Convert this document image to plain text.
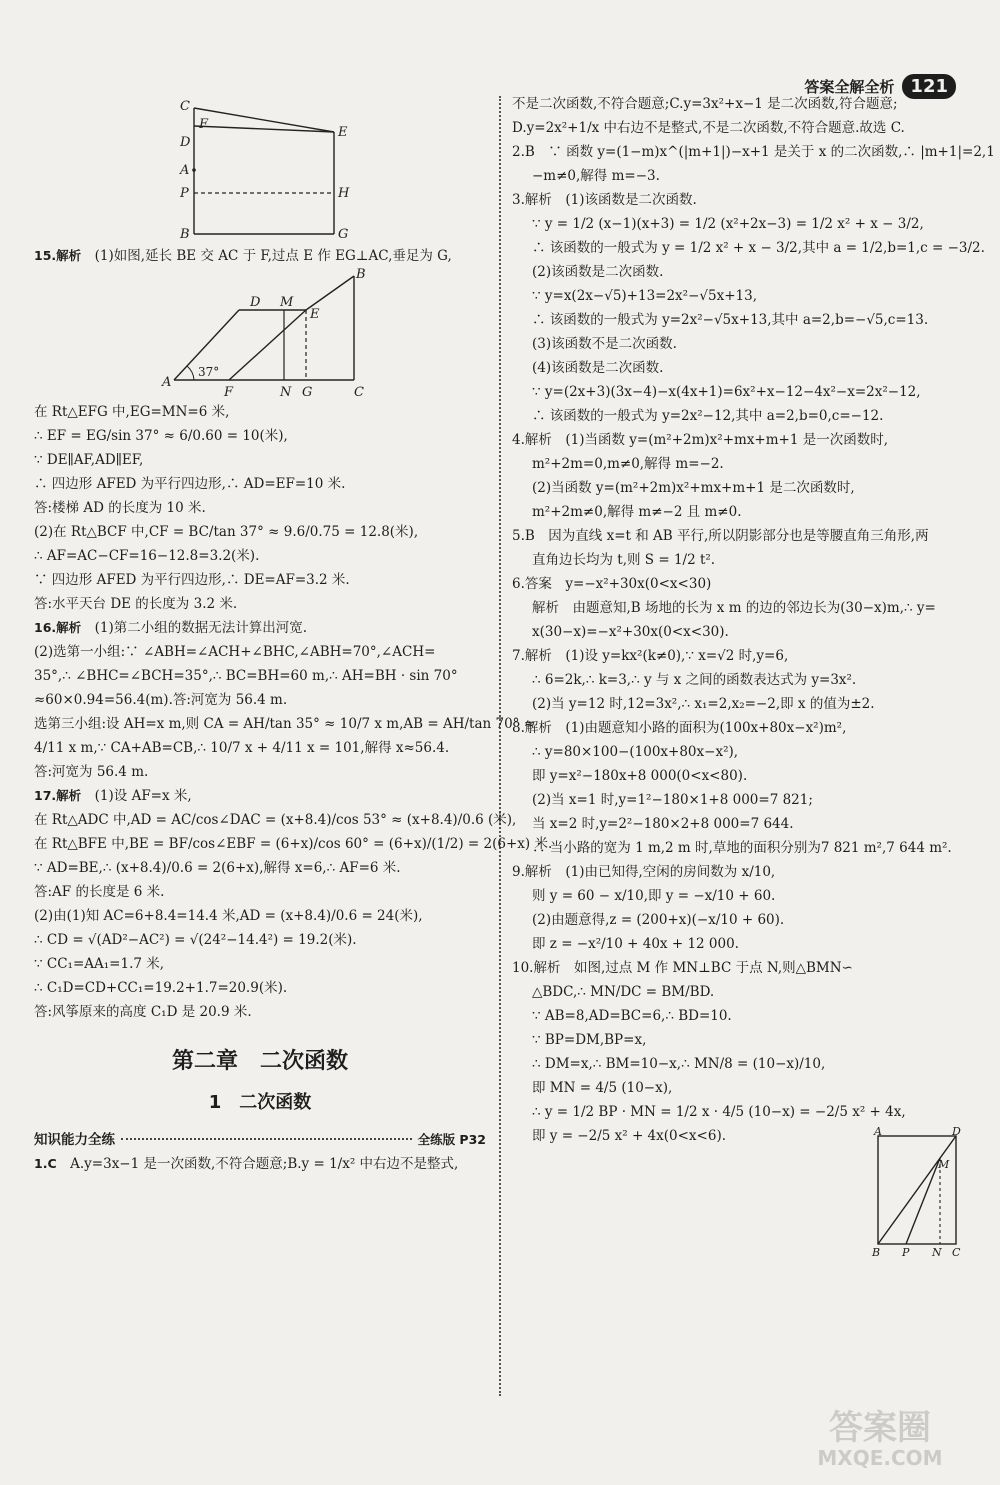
答案全解全析 121
C
F
E
D
A
P	H
B	G
15.解析　 (1)如图,延长 BE 交 AC 于 F,过点 E 作 EG⊥AC,垂足为 G,
B
D M
E
A
37°
F	N G	C
在 Rt△EFG 中,EG=MN=6 米,
∴ EF = EG/sin 37° ≈ 6/0.60 = 10(米),
∵ DE∥AF,AD∥EF,
∴ 四边形 AFED 为平行四边形,∴ AD=EF=10 米.
答:楼梯 AD 的长度为 10 米.
(2)在 Rt△BCF 中,CF = BC/tan 37° ≈ 9.6/0.75 = 12.8(米),
∴ AF=AC−CF=16−12.8=3.2(米).
∵ 四边形 AFED 为平行四边形,∴ DE=AF=3.2 米.
答:水平天台 DE 的长度为 3.2 米.
16.解析　 (1)第二小组的数据无法计算出河宽.
(2)选第一小组:∵ ∠ABH=∠ACH+∠BHC,∠ABH=70°,∠ACH=
35°,∴ ∠BHC=∠BCH=35°,∴ BC=BH=60 m,∴ AH=BH · sin 70°
≈60×0.94=56.4(m).答:河宽为 56.4 m.
选第三小组:设 AH=x m,则 CA = AH/tan 35° ≈ 10/7 x m,AB = AH/tan 70° ≈
4/11 x m,∵ CA+AB=CB,∴ 10/7 x + 4/11 x = 101,解得 x≈56.4.
答:河宽为 56.4 m.
17.解析　 (1)设 AF=x 米,
在 Rt△ADC 中,AD = AC/cos∠DAC = (x+8.4)/cos 53° ≈ (x+8.4)/0.6 (米),
在 Rt△BFE 中,BE = BF/cos∠EBF = (6+x)/cos 60° = (6+x)/(1/2) = 2(6+x) 米.
∵ AD=BE,∴ (x+8.4)/0.6 = 2(6+x),解得 x=6,∴ AF=6 米.
答:AF 的长度是 6 米.
(2)由(1)知 AC=6+8.4=14.4 米,AD = (x+8.4)/0.6 = 24(米),
∴ CD = √(AD²−AC²) = √(24²−14.4²) = 19.2(米).
∵ CC₁=AA₁=1.7 米,
∴ C₁D=CD+CC₁=19.2+1.7=20.9(米).
答:风筝原来的高度 C₁D 是 20.9 米.
第二章　二次函数
1　二次函数
知识能力全练	全练版 P32
1.C　 A.y=3x−1 是一次函数,不符合题意;B.y = 1/x² 中右边不是整式,
不是二次函数,不符合题意;C.y=3x²+x−1 是二次函数,符合题意;
D.y=2x²+1/x 中右边不是整式,不是二次函数,不符合题意.故选 C.
2.B　∵ 函数 y=(1−m)x^(|m+1|)−x+1 是关于 x 的二次函数,∴ |m+1|=2,1
−m≠0,解得 m=−3.
3.解析　(1)该函数是二次函数.
∵ y = 1/2 (x−1)(x+3) = 1/2 (x²+2x−3) = 1/2 x² + x − 3/2,
∴ 该函数的一般式为 y = 1/2 x² + x − 3/2,其中 a = 1/2,b=1,c = −3/2.
(2)该函数是二次函数.
∵ y=x(2x−√5)+13=2x²−√5x+13,
∴ 该函数的一般式为 y=2x²−√5x+13,其中 a=2,b=−√5,c=13.
(3)该函数不是二次函数.
(4)该函数是二次函数.
∵ y=(2x+3)(3x−4)−x(4x+1)=6x²+x−12−4x²−x=2x²−12,
∴ 该函数的一般式为 y=2x²−12,其中 a=2,b=0,c=−12.
4.解析　(1)当函数 y=(m²+2m)x²+mx+m+1 是一次函数时,
m²+2m=0,m≠0,解得 m=−2.
(2)当函数 y=(m²+2m)x²+mx+m+1 是二次函数时,
m²+2m≠0,解得 m≠−2 且 m≠0.
5.B　因为直线 x=t 和 AB 平行,所以阴影部分也是等腰直角三角形,两
直角边长均为 t,则 S = 1/2 t².
6.答案　y=−x²+30x(0<x<30)
解析　由题意知,B 场地的长为 x m 的边的邻边长为(30−x)m,∴ y=
x(30−x)=−x²+30x(0<x<30).
7.解析　(1)设 y=kx²(k≠0),∵ x=√2 时,y=6,
∴ 6=2k,∴ k=3,∴ y 与 x 之间的函数表达式为 y=3x².
(2)当 y=12 时,12=3x²,∴ x₁=2,x₂=−2,即 x 的值为±2.
8.解析　(1)由题意知小路的面积为(100x+80x−x²)m²,
∴ y=80×100−(100x+80x−x²),
即 y=x²−180x+8 000(0<x<80).
(2)当 x=1 时,y=1²−180×1+8 000=7 821;
当 x=2 时,y=2²−180×2+8 000=7 644.
∴ 当小路的宽为 1 m,2 m 时,草地的面积分别为7 821 m²,7 644 m².
9.解析　(1)由已知得,空闲的房间数为 x/10,
则 y = 60 − x/10,即 y = −x/10 + 60.
(2)由题意得,z = (200+x)(−x/10 + 60).
即 z = −x²/10 + 40x + 12 000.
10.解析　如图,过点 M 作 MN⊥BC 于点 N,则△BMN∽
△BDC,∴ MN/DC = BM/BD.
∵ AB=8,AD=BC=6,∴ BD=10.
∵ BP=DM,BP=x,
∴ DM=x,∴ BM=10−x,∴ MN/8 = (10−x)/10,
即 MN = 4/5 (10−x),
∴ y = 1/2 BP · MN = 1/2 x · 4/5 (10−x) = −2/5 x² + 4x,
即 y = −2/5 x² + 4x(0<x<6).	A	D
M
B P N C
答案圈
MXQE.COM
